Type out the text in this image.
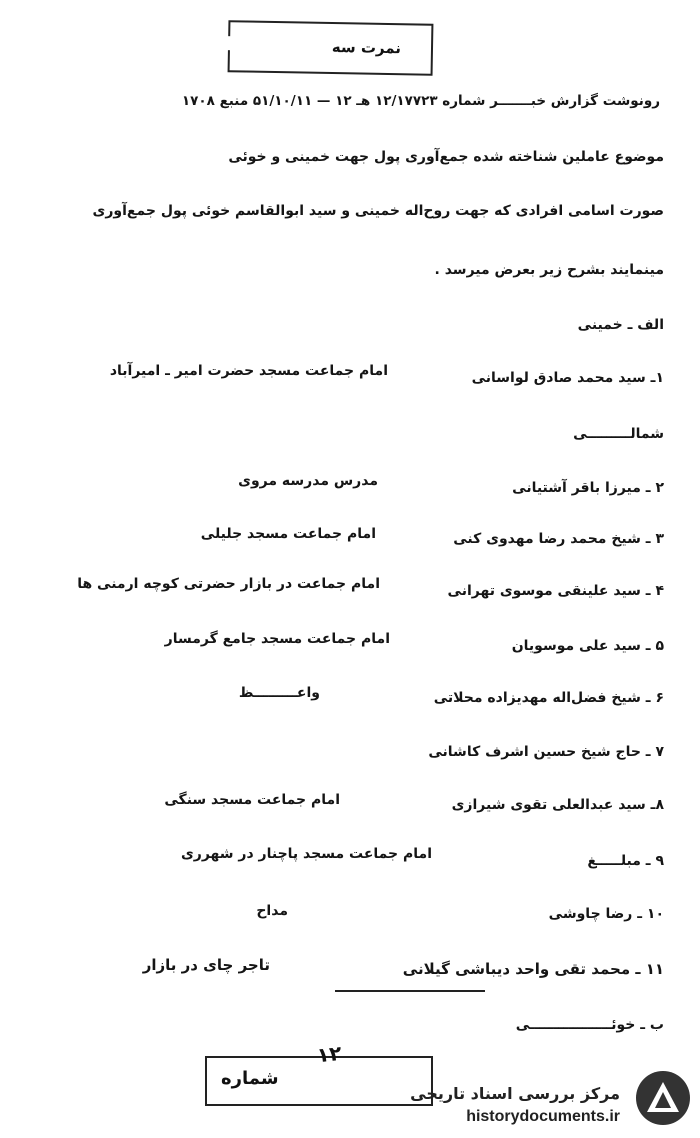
نمرت سه
رونوشت گزارش خبـــــــر شماره ۱۲/۱۷۷۲۳ هـ ۱۲ — ۵۱/۱۰/۱۱ منبع ۱۷۰۸
موضوع عاملین شناخته شده جمع‌آوری پول جهت خمینی و خوئی
صورت اسامی افرادی که جهت روح‌اله خمینی و سید ابوالقاسم خوئی پول جمع‌آوری
مینمایند بشرح زیر بعرض میرسد .
الف ـ خمینی
۱ـ سید محمد صادق لواسانی
امام جماعت مسجد حضرت امیر ـ امیرآباد
شمالـــــــــی
۲ ـ میرزا باقر آشتیانی
مدرس مدرسه مروی
۳ ـ شیخ محمد رضا مهدوی کنی
امام جماعت مسجد جلیلی
۴ ـ سید علینقی موسوی تهرانی
امام جماعت در بازار حضرتی کوچه ارمنی ها
۵ ـ سید علی موسویان
امام جماعت مسجد جامع گرمسار
۶ ـ شیخ فضل‌اله مهدیزاده محلاتی
واعـــــــــظ
۷ ـ حاج شیخ حسین اشرف کاشانی
۸ـ سید عبدالعلی تقوی شیرازی
امام جماعت مسجد سنگی
۹ ـ مبلـــــغ
امام جماعت مسجد پاچنار در شهرری
۱۰ ـ رضا چاوشی
مداح
۱۱ ـ محمد تقی واحد دیباشی گیلانی
تاجر چای در بازار
ب ـ خوئـــــــــــــــــی
شماره
۱۲
مرکز بررسی اسناد تاریخی
historydocuments.ir
